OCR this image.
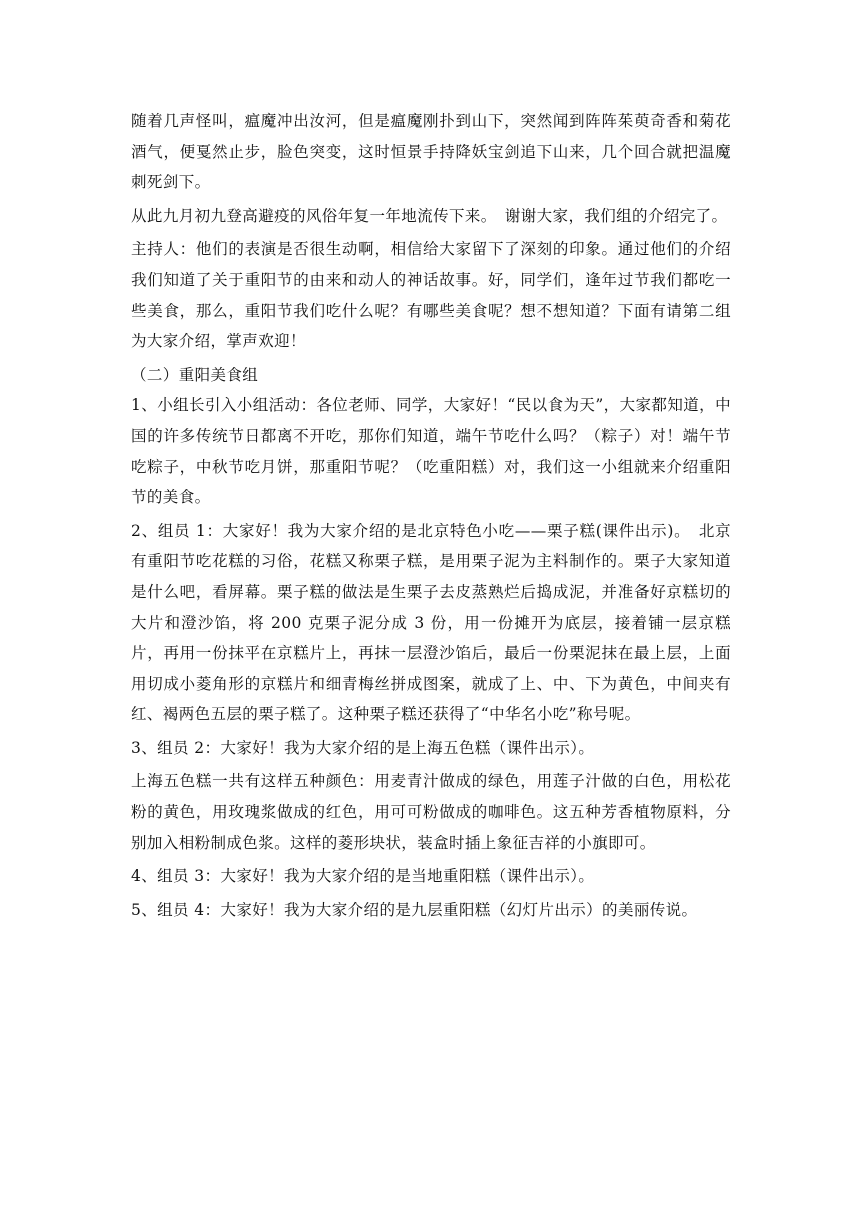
随着几声怪叫，瘟魔冲出汝河，但是瘟魔刚扑到山下，突然闻到阵阵茱萸奇香和菊花酒气，便戛然止步，脸色突变，这时恒景手持降妖宝剑追下山来，几个回合就把温魔刺死剑下。

从此九月初九登高避疫的风俗年复一年地流传下来。　谢谢大家，我们组的介绍完了。

主持人：他们的表演是否很生动啊，相信给大家留下了深刻的印象。通过他们的介绍我们知道了关于重阳节的由来和动人的神话故事。好，同学们，逢年过节我们都吃一些美食，那么，重阳节我们吃什么呢？有哪些美食呢？想不想知道？下面有请第二组为大家介绍，掌声欢迎！

（二）重阳美食组

1、小组长引入小组活动：各位老师、同学，大家好！“民以食为天”，大家都知道，中国的许多传统节日都离不开吃，那你们知道，端午节吃什么吗？（粽子）对！端午节吃粽子，中秋节吃月饼，那重阳节呢？（吃重阳糕）对，我们这一小组就来介绍重阳节的美食。

2、组员 1：大家好！我为大家介绍的是北京特色小吃——栗子糕(课件出示)。　北京有重阳节吃花糕的习俗，花糕又称栗子糕，是用栗子泥为主料制作的。栗子大家知道是什么吧，看屏幕。栗子糕的做法是生栗子去皮蒸熟烂后捣成泥，并准备好京糕切的大片和澄沙馅，将 200 克栗子泥分成 3 份，用一份摊开为底层，接着铺一层京糕片，再用一份抹平在京糕片上，再抹一层澄沙馅后，最后一份栗泥抹在最上层，上面用切成小菱角形的京糕片和细青梅丝拼成图案，就成了上、中、下为黄色，中间夹有红、褐两色五层的栗子糕了。这种栗子糕还获得了“中华名小吃”称号呢。

3、组员 2：大家好！我为大家介绍的是上海五色糕（课件出示）。

上海五色糕一共有这样五种颜色：用麦青汁做成的绿色，用莲子汁做的白色，用松花粉的黄色，用玫瑰浆做成的红色，用可可粉做成的咖啡色。这五种芳香植物原料，分别加入相粉制成色浆。这样的菱形块状，装盒时插上象征吉祥的小旗即可。

4、组员 3：大家好！我为大家介绍的是当地重阳糕（课件出示）。

5、组员 4：大家好！我为大家介绍的是九层重阳糕（幻灯片出示）的美丽传说。
